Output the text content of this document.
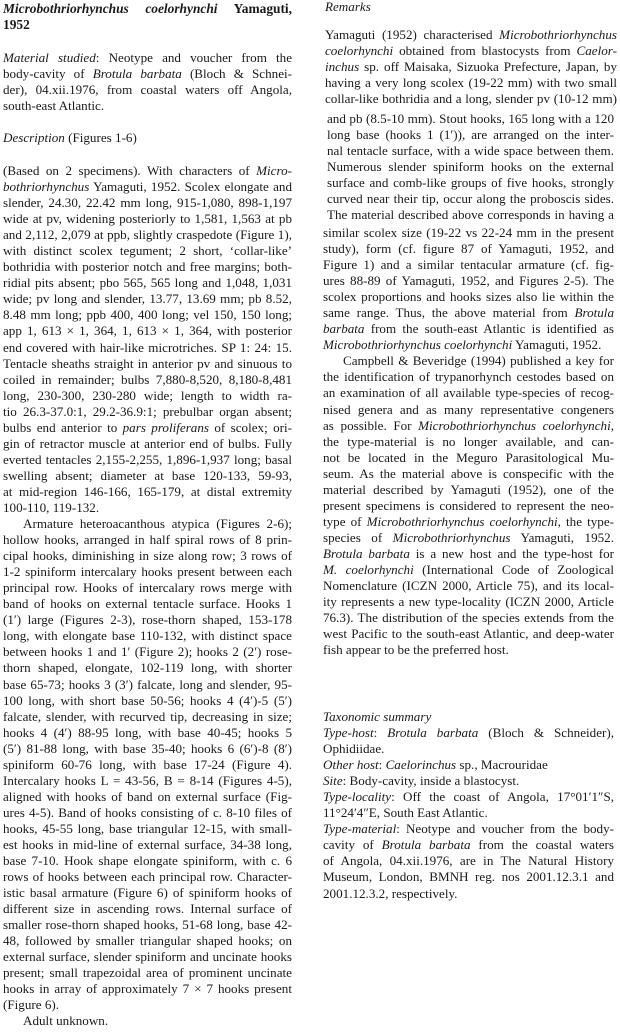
Microbothriorhynchus coelorhynchi Yamaguti,
1952
Material studied: Neotype and voucher from the
body-cavity of Brotula barbata (Bloch & Schnei-
der), 04.xii.1976, from coastal waters off Angola,
south-east Atlantic.
Description (Figures 1-6)
(Based on 2 specimens). With characters of Micro-
bothriorhynchus Yamaguti, 1952. Scolex elongate and
slender, 24.30, 22.42 mm long, 915-1,080, 898-1,197
wide at pv, widening posteriorly to 1,581, 1,563 at pb
and 2,112, 2,079 at ppb, slightly craspedote (Figure 1),
with distinct scolex tegument; 2 short, ‘collar-like’
bothridia with posterior notch and free margins; both-
ridial pits absent; pbo 565, 565 long and 1,048, 1,031
wide; pv long and slender, 13.77, 13.69 mm; pb 8.52,
8.48 mm long; ppb 400, 400 long; vel 150, 150 long;
app 1, 613 × 1, 364, 1, 613 × 1, 364, with posterior
end covered with hair-like microtriches. SP 1: 24: 15.
Tentacle sheaths straight in anterior pv and sinuous to
coiled in remainder; bulbs 7,880-8,520, 8,180-8,481
long, 230-300, 230-280 wide; length to width ra-
tio 26.3-37.0:1, 29.2-36.9:1; prebulbar organ absent;
bulbs end anterior to pars proliferans of scolex; ori-
gin of retractor muscle at anterior end of bulbs. Fully
everted tentacles 2,155-2,255, 1,896-1,937 long; basal
swelling absent; diameter at base 120-133, 59-93,
at mid-region 146-166, 165-179, at distal extremity
100-110, 119-132.
Armature heteroacanthous atypica (Figures 2-6);
hollow hooks, arranged in half spiral rows of 8 prin-
cipal hooks, diminishing in size along row; 3 rows of
1-2 spiniform intercalary hooks present between each
principal row. Hooks of intercalary rows merge with
band of hooks on external tentacle surface. Hooks 1
(1′) large (Figures 2-3), rose-thorn shaped, 153-178
long, with elongate base 110-132, with distinct space
between hooks 1 and 1′ (Figure 2); hooks 2 (2′) rose-
thorn shaped, elongate, 102-119 long, with shorter
base 65-73; hooks 3 (3′) falcate, long and slender, 95-
100 long, with short base 50-56; hooks 4 (4′)-5 (5′)
falcate, slender, with recurved tip, decreasing in size;
hooks 4 (4′) 88-95 long, with base 40-45; hooks 5
(5′) 81-88 long, with base 35-40; hooks 6 (6′)-8 (8′)
spiniform 60-76 long, with base 17-24 (Figure 4).
Intercalary hooks L = 43-56, B = 8-14 (Figures 4-5),
aligned with hooks of band on external surface (Fig-
ures 4-5). Band of hooks consisting of c. 8-10 files of
hooks, 45-55 long, base triangular 12-15, with small-
est hooks in mid-line of external surface, 34-38 long,
base 7-10. Hook shape elongate spiniform, with c. 6
rows of hooks between each principal row. Character-
istic basal armature (Figure 6) of spiniform hooks of
different size in ascending rows. Internal surface of
smaller rose-thorn shaped hooks, 51-68 long, base 42-
48, followed by smaller triangular shaped hooks; on
external surface, slender spiniform and uncinate hooks
present; small trapezoidal area of prominent uncinate
hooks in array of approximately 7 × 7 hooks present
(Figure 6).
Adult unknown.
Remarks
Yamaguti (1952) characterised Microbothriorhynchus
coelorhynchi obtained from blastocysts from Caelor-
inchus sp. off Maisaka, Sizuoka Prefecture, Japan, by
having a very long scolex (19-22 mm) with two small
collar-like bothridia and a long, slender pv (10-12 mm)
and pb (8.5-10 mm). Stout hooks, 165 long with a 120
long base (hooks 1 (1′)), are arranged on the inter-
nal tentacle surface, with a wide space between them.
Numerous slender spiniform hooks on the external
surface and comb-like groups of five hooks, strongly
curved near their tip, occur along the proboscis sides.
The material described above corresponds in having a
similar scolex size (19-22 vs 22-24 mm in the present
study), form (cf. figure 87 of Yamaguti, 1952, and
Figure 1) and a similar tentacular armature (cf. fig-
ures 88-89 of Yamaguti, 1952, and Figures 2-5). The
scolex proportions and hooks sizes also lie within the
same range. Thus, the above material from Brotula
barbata from the south-east Atlantic is identified as
Microbothriorhynchus coelorhynchi Yamaguti, 1952.
Campbell & Beveridge (1994) published a key for
the identification of trypanorhynch cestodes based on
an examination of all available type-species of recog-
nised genera and as many representative congeners
as possible. For Microbothriorhynchus coelorhynchi,
the type-material is no longer available, and can-
not be located in the Meguro Parasitological Mu-
seum. As the material above is conspecific with the
material described by Yamaguti (1952), one of the
present specimens is considered to represent the neo-
type of Microbothriorhynchus coelorhynchi, the type-
species of Microbothriorhynchus Yamaguti, 1952.
Brotula barbata is a new host and the type-host for
M. coelorhynchi (International Code of Zoological
Nomenclature (ICZN 2000, Article 75), and its local-
ity represents a new type-locality (ICZN 2000, Article
76.3). The distribution of the species extends from the
west Pacific to the south-east Atlantic, and deep-water
fish appear to be the preferred host.
Taxonomic summary
Type-host: Brotula barbata (Bloch & Schneider),
Ophidiidae.
Other host: Caelorinchus sp., Macrouridae
Site: Body-cavity, inside a blastocyst.
Type-locality: Off the coast of Angola, 17°01′1″S,
11°24′4″E, South East Atlantic.
Type-material: Neotype and voucher from the body-
cavity of Brotula barbata from the coastal waters
of Angola, 04.xii.1976, are in The Natural History
Museum, London, BMNH reg. nos 2001.12.3.1 and
2001.12.3.2, respectively.
